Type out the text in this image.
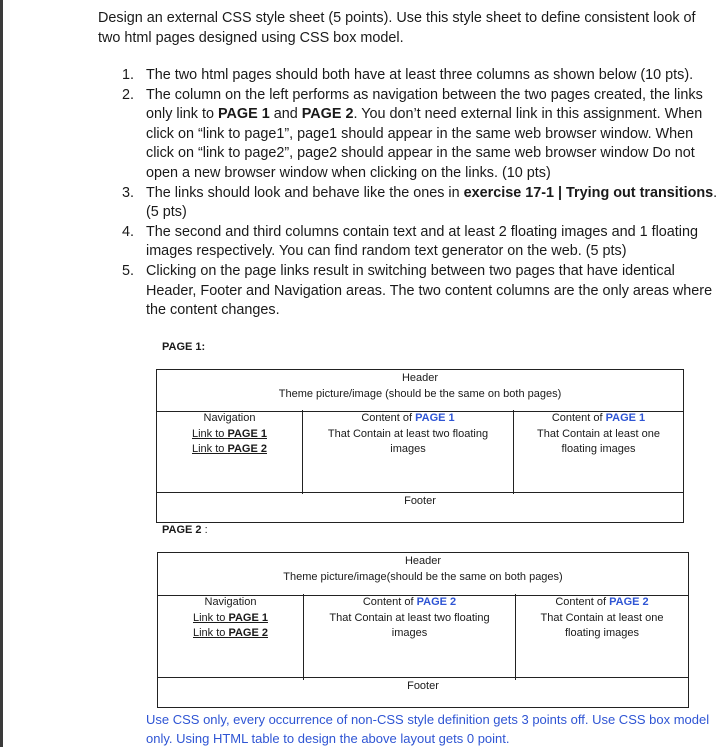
Design an external CSS style sheet (5 points). Use this style sheet to define consistent look of two html pages designed using CSS box model.
1. The two html pages should both have at least three columns as shown below (10 pts).
2. The column on the left performs as navigation between the two pages created, the links only link to PAGE 1 and PAGE 2. You don’t need external link in this assignment. When click on “link to page1”, page1 should appear in the same web browser window. When click on “link to page2”, page2 should appear in the same web browser window Do not open a new browser window when clicking on the links. (10 pts)
3. The links should look and behave like the ones in exercise 17-1 | Trying out transitions. (5 pts)
4. The second and third columns contain text and at least 2 floating images and 1 floating images respectively. You can find random text generator on the web. (5 pts)
5. Clicking on the page links result in switching between two pages that have identical Header, Footer and Navigation areas. The two content columns are the only areas where the content changes.
PAGE 1:
Header
Theme picture/image (should be the same on both pages)
Navigation
Link to PAGE 1
Link to PAGE 2
Content of PAGE 1
That Contain at least two floating
images
Content of PAGE 1
That Contain at least one
floating images
Footer
PAGE 2 :
Header
Theme picture/image(should be the same on both pages)
Navigation
Link to PAGE 1
Link to PAGE 2
Content of PAGE 2
That Contain at least two floating
images
Content of PAGE 2
That Contain at least one
floating images
Footer
Use CSS only, every occurrence of non-CSS style definition gets 3 points off. Use CSS box model only. Using HTML table to design the above layout gets 0 point.
